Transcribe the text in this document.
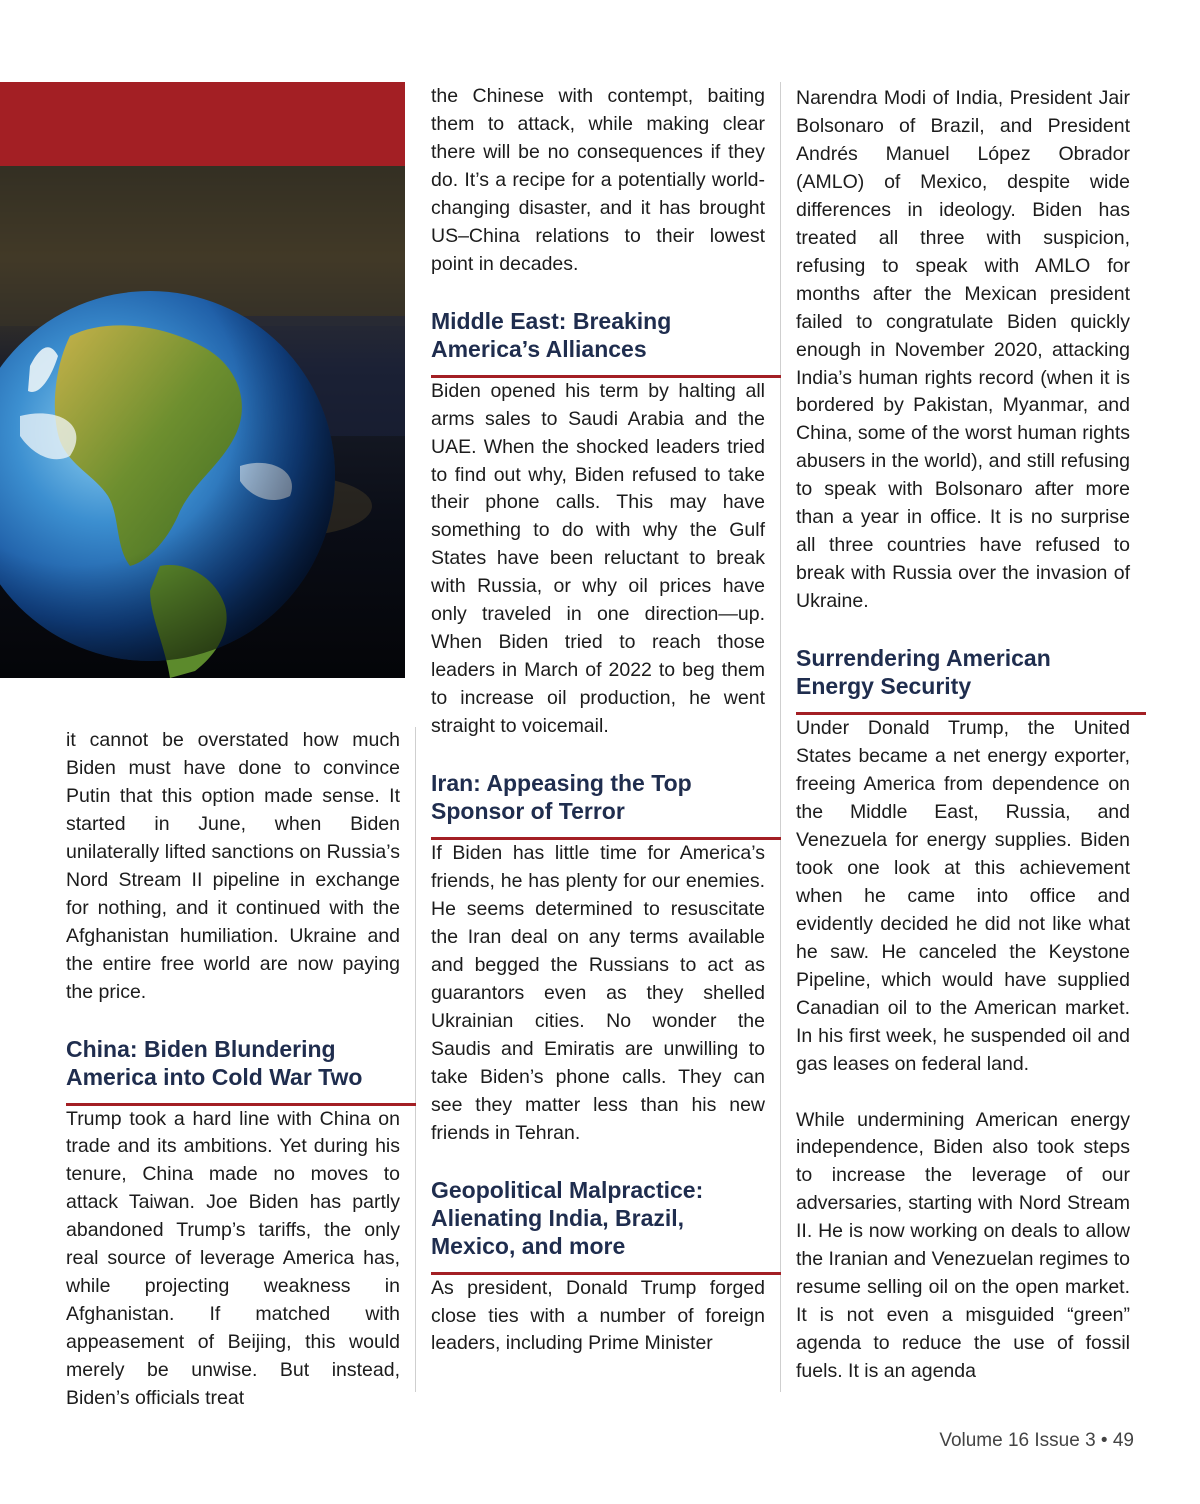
it cannot be overstated how much Biden must have done to convince Putin that this option made sense. It started in June, when Biden unilaterally lifted sanctions on Russia’s Nord Stream II pipeline in exchange for nothing, and it continued with the Afghanistan humiliation. Ukraine and the entire free world are now paying the price.

China: Biden Blundering America into Cold War Two

Trump took a hard line with China on trade and its ambitions. Yet during his tenure, China made no moves to attack Taiwan. Joe Biden has partly abandoned Trump’s tariffs, the only real source of leverage America has, while projecting weakness in Afghanistan. If matched with appeasement of Beijing, this would merely be unwise. But instead, Biden’s officials treat

the Chinese with contempt, baiting them to attack, while making clear there will be no consequences if they do. It’s a recipe for a potentially world-changing disaster, and it has brought US–China relations to their lowest point in decades.

Middle East: Breaking America’s Alliances

Biden opened his term by halting all arms sales to Saudi Arabia and the UAE. When the shocked leaders tried to find out why, Biden refused to take their phone calls. This may have something to do with why the Gulf States have been reluctant to break with Russia, or why oil prices have only traveled in one direction—up. When Biden tried to reach those leaders in March of 2022 to beg them to increase oil production, he went straight to voicemail.

Iran: Appeasing the Top Sponsor of Terror

If Biden has little time for America’s friends, he has plenty for our enemies. He seems determined to resuscitate the Iran deal on any terms available and begged the Russians to act as guarantors even as they shelled Ukrainian cities. No wonder the Saudis and Emiratis are unwilling to take Biden’s phone calls. They can see they matter less than his new friends in Tehran.

Geopolitical Malpractice: Alienating India, Brazil, Mexico, and more

As president, Donald Trump forged close ties with a number of foreign leaders, including Prime Minister

Narendra Modi of India, President Jair Bolsonaro of Brazil, and President Andrés Manuel López Obrador (AMLO) of Mexico, despite wide differences in ideology. Biden has treated all three with suspicion, refusing to speak with AMLO for months after the Mexican president failed to congratulate Biden quickly enough in November 2020, attacking India’s human rights record (when it is bordered by Pakistan, Myanmar, and China, some of the worst human rights abusers in the world), and still refusing to speak with Bolsonaro after more than a year in office. It is no surprise all three countries have refused to break with Russia over the invasion of Ukraine.

Surrendering American Energy Security

Under Donald Trump, the United States became a net energy exporter, freeing America from dependence on the Middle East, Russia, and Venezuela for energy supplies. Biden took one look at this achievement when he came into office and evidently decided he did not like what he saw. He canceled the Keystone Pipeline, which would have supplied Canadian oil to the American market. In his first week, he suspended oil and gas leases on federal land.

While undermining American energy independence, Biden also took steps to increase the leverage of our adversaries, starting with Nord Stream II. He is now working on deals to allow the Iranian and Venezuelan regimes to resume selling oil on the open market. It is not even a misguided “green” agenda to reduce the use of fossil fuels. It is an agenda

Volume 16 Issue 3 • 49
